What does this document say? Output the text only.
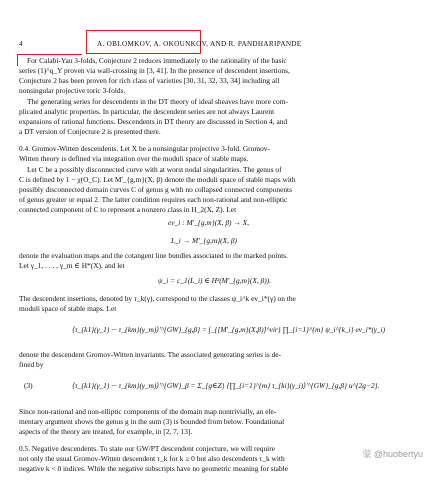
4	A. OBLOMKOV, A. OKOUNKOV, AND R. PANDHARIPANDE
For Calabi-Yau 3-folds, Conjecture 2 reduces immediately to the rationality of the basic
series (1)^q_Y proven via wall-crossing in [3, 41]. In the presence of descendent insertions,
Conjecture 2 has been proven for rich class of varieties [30, 31, 32, 33, 34] including all
nonsingular projective toric 3-folds.
The generating series for descendents in the DT theory of ideal sheaves have more com-
plicated analytic properties. In particular, the descendent series are not always Laurent
expansions of rational functions. Descendents in DT theory are discussed in Section 4, and
a DT version of Conjecture 2 is presented there.
0.4. Gromov-Witten descendents. Let X be a nonsingular projective 3-fold. Gromov-
Witten theory is defined via integration over the moduli space of stable maps.
Let C be a possibly disconnected curve with at worst nodal singularities. The genus of
C is defined by 1 − χ(O_C). Let M'_{g,m}(X, β) denote the moduli space of stable maps with
possibly disconnected domain curves C of genus g with no collapsed connected components
of genus greater or equal 2. The latter condition requires each non-rational and non-elliptic
connected component of C to represent a nonzero class in H_2(X, Z). Let
ev_i : M'_{g,m}(X, β) → X,
L_i → M'_{g,m}(X, β)
denote the evaluation maps and the cotangent line bundles associated to the marked points.
Let γ_1, . . . , γ_m ∈ H*(X), and let
ψ_i = c_1(L_i) ∈ H²(M'_{g,m}(X, β)).
The descendent insertions, denoted by τ_k(γ), correspond to the classes ψ_i^k ev_i*(γ) on the
moduli space of stable maps. Let
⟨τ_{k1}(γ_1) ··· τ_{km}(γ_m)⟩'^{GW}_{g,β} = ∫_{[M'_{g,m}(X,β)]^vir} ∏_{i=1}^{m} ψ_i^{k_i} ev_i*(γ_i)
denote the descendent Gromov-Witten invariants. The associated generating series is de-
fined by
(3)	⟨τ_{k1}(γ_1) ··· τ_{km}(γ_m)⟩'^{GW}_β = Σ_{g∈Z} ⟨∏_{i=1}^{m} τ_{ki}(γ_i)⟩'^{GW}_{g,β} u^{2g−2}.
Since non-rational and non-elliptic components of the domain map nontrivially, an ele-
mentary argument shows the genus g in the sum (3) is bounded from below. Foundational
aspects of the theory are treated, for example, in [2, 7, 13].
0.5. Negative descendents. To state our GW/PT descendent conjecture, we will require
not only the usual Gromov-Witten descendent τ_k for k ≥ 0 but also descendents τ_k with
negative k < 0 indices. While the negative subscripts have no geometric meaning for stable
蒙 @huobertyu
